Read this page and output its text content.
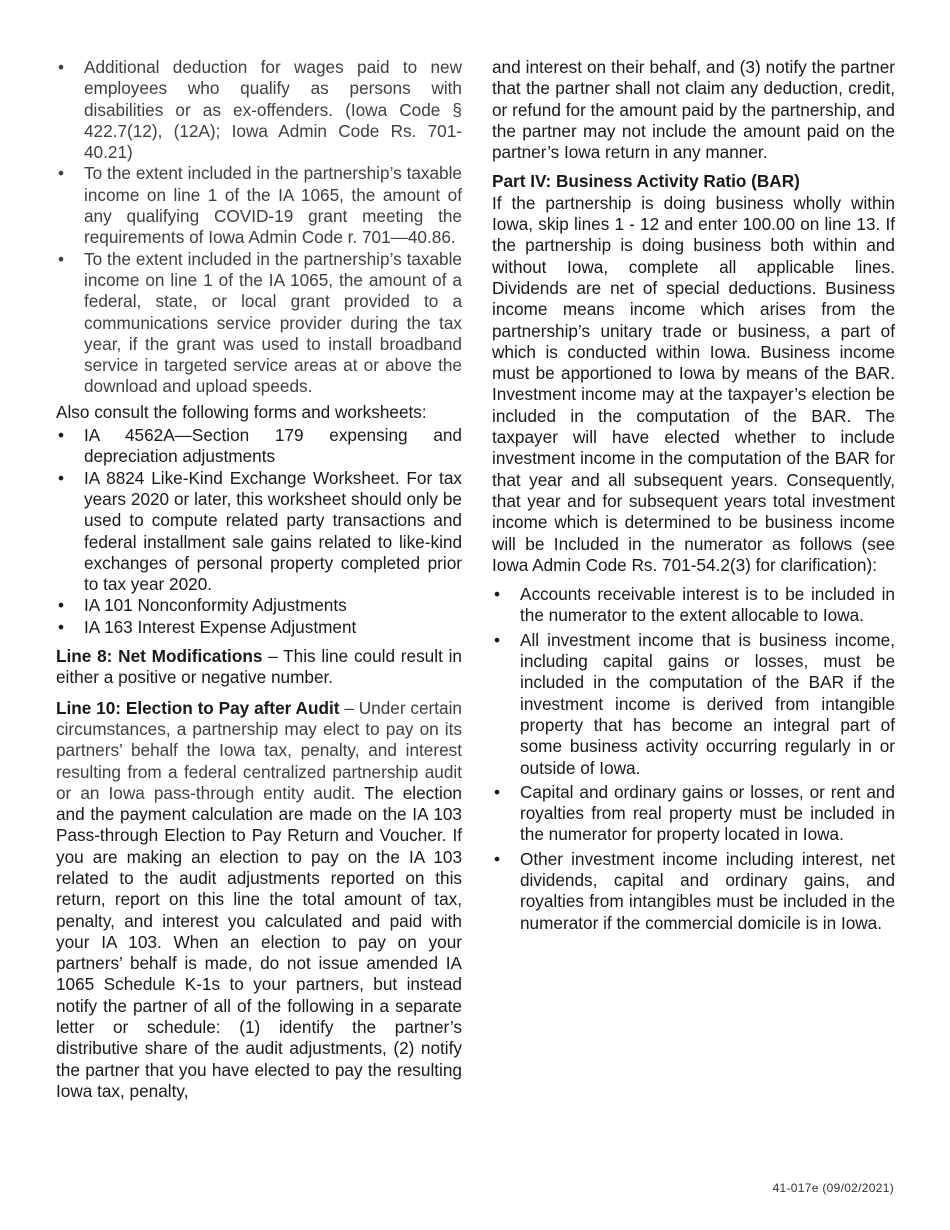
• Additional deduction for wages paid to new employees who qualify as persons with disabilities or as ex-offenders. (Iowa Code § 422.7(12), (12A); Iowa Admin Code Rs. 701-40.21)
• To the extent included in the partnership’s taxable income on line 1 of the IA 1065, the amount of any qualifying COVID-19 grant meeting the requirements of Iowa Admin Code r. 701—40.86.
• To the extent included in the partnership’s taxable income on line 1 of the IA 1065, the amount of a federal, state, or local grant provided to a communications service provider during the tax year, if the grant was used to install broadband service in targeted service areas at or above the download and upload speeds.

Also consult the following forms and worksheets:

• IA 4562A—Section 179 expensing and depreciation adjustments
• IA 8824 Like-Kind Exchange Worksheet. For tax years 2020 or later, this worksheet should only be used to compute related party transactions and federal installment sale gains related to like-kind exchanges of personal property completed prior to tax year 2020.
• IA 101 Nonconformity Adjustments
• IA 163 Interest Expense Adjustment

Line 8: Net Modifications – This line could result in either a positive or negative number.

Line 10: Election to Pay after Audit – Under certain circumstances, a partnership may elect to pay on its partners’ behalf the Iowa tax, penalty, and interest resulting from a federal centralized partnership audit or an Iowa pass-through entity audit. The election and the payment calculation are made on the IA 103 Pass-through Election to Pay Return and Voucher. If you are making an election to pay on the IA 103 related to the audit adjustments reported on this return, report on this line the total amount of tax, penalty, and interest you calculated and paid with your IA 103. When an election to pay on your partners’ behalf is made, do not issue amended IA 1065 Schedule K-1s to your partners, but instead notify the partner of all of the following in a separate letter or schedule: (1) identify the partner’s distributive share of the audit adjustments, (2) notify the partner that you have elected to pay the resulting Iowa tax, penalty,

and interest on their behalf, and (3) notify the partner that the partner shall not claim any deduction, credit, or refund for the amount paid by the partnership, and the partner may not include the amount paid on the partner’s Iowa return in any manner.

Part IV: Business Activity Ratio (BAR)

If the partnership is doing business wholly within Iowa, skip lines 1 - 12 and enter 100.00 on line 13. If the partnership is doing business both within and without Iowa, complete all applicable lines. Dividends are net of special deductions. Business income means income which arises from the partnership’s unitary trade or business, a part of which is conducted within Iowa. Business income must be apportioned to Iowa by means of the BAR. Investment income may at the taxpayer’s election be included in the computation of the BAR. The taxpayer will have elected whether to include investment income in the computation of the BAR for that year and all subsequent years. Consequently, that year and for subsequent years total investment income which is determined to be business income will be Included in the numerator as follows (see Iowa Admin Code Rs. 701-54.2(3) for clarification):

• Accounts receivable interest is to be included in the numerator to the extent allocable to Iowa.
• All investment income that is business income, including capital gains or losses, must be included in the computation of the BAR if the investment income is derived from intangible property that has become an integral part of some business activity occurring regularly in or outside of Iowa.
• Capital and ordinary gains or losses, or rent and royalties from real property must be included in the numerator for property located in Iowa.
• Other investment income including interest, net dividends, capital and ordinary gains, and royalties from intangibles must be included in the numerator if the commercial domicile is in Iowa.
41-017e (09/02/2021)
